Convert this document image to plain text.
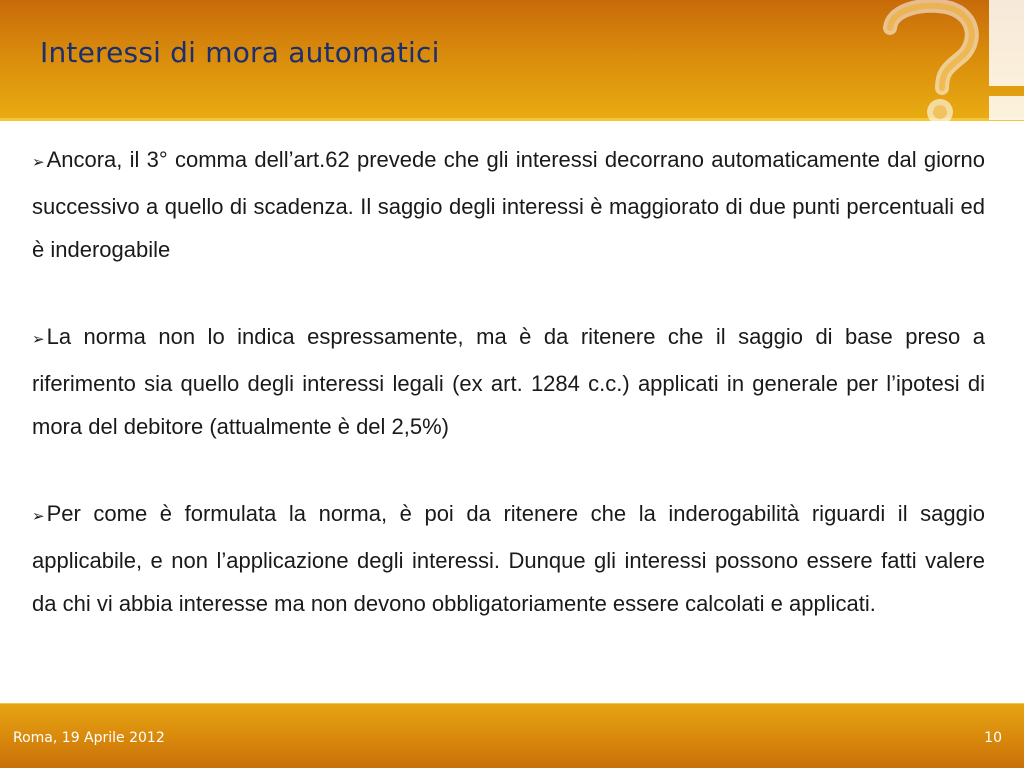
Interessi di mora automatici

➢Ancora, il 3° comma dell’art.62 prevede che gli interessi decorrano automaticamente dal giorno successivo a quello di scadenza. Il saggio degli interessi è maggiorato di due punti percentuali ed è inderogabile

➢La norma non lo indica espressamente, ma è da ritenere che il saggio di base preso a riferimento sia quello degli interessi legali (ex art. 1284 c.c.) applicati in generale per l’ipotesi di mora del debitore (attualmente è del 2,5%)

➢Per come è formulata la norma, è poi da ritenere che la inderogabilità riguardi il saggio applicabile, e non l’applicazione degli interessi. Dunque gli interessi possono essere fatti valere da chi vi abbia interesse ma non devono obbligatoriamente essere calcolati e applicati.

Roma, 19 Aprile 2012	10
